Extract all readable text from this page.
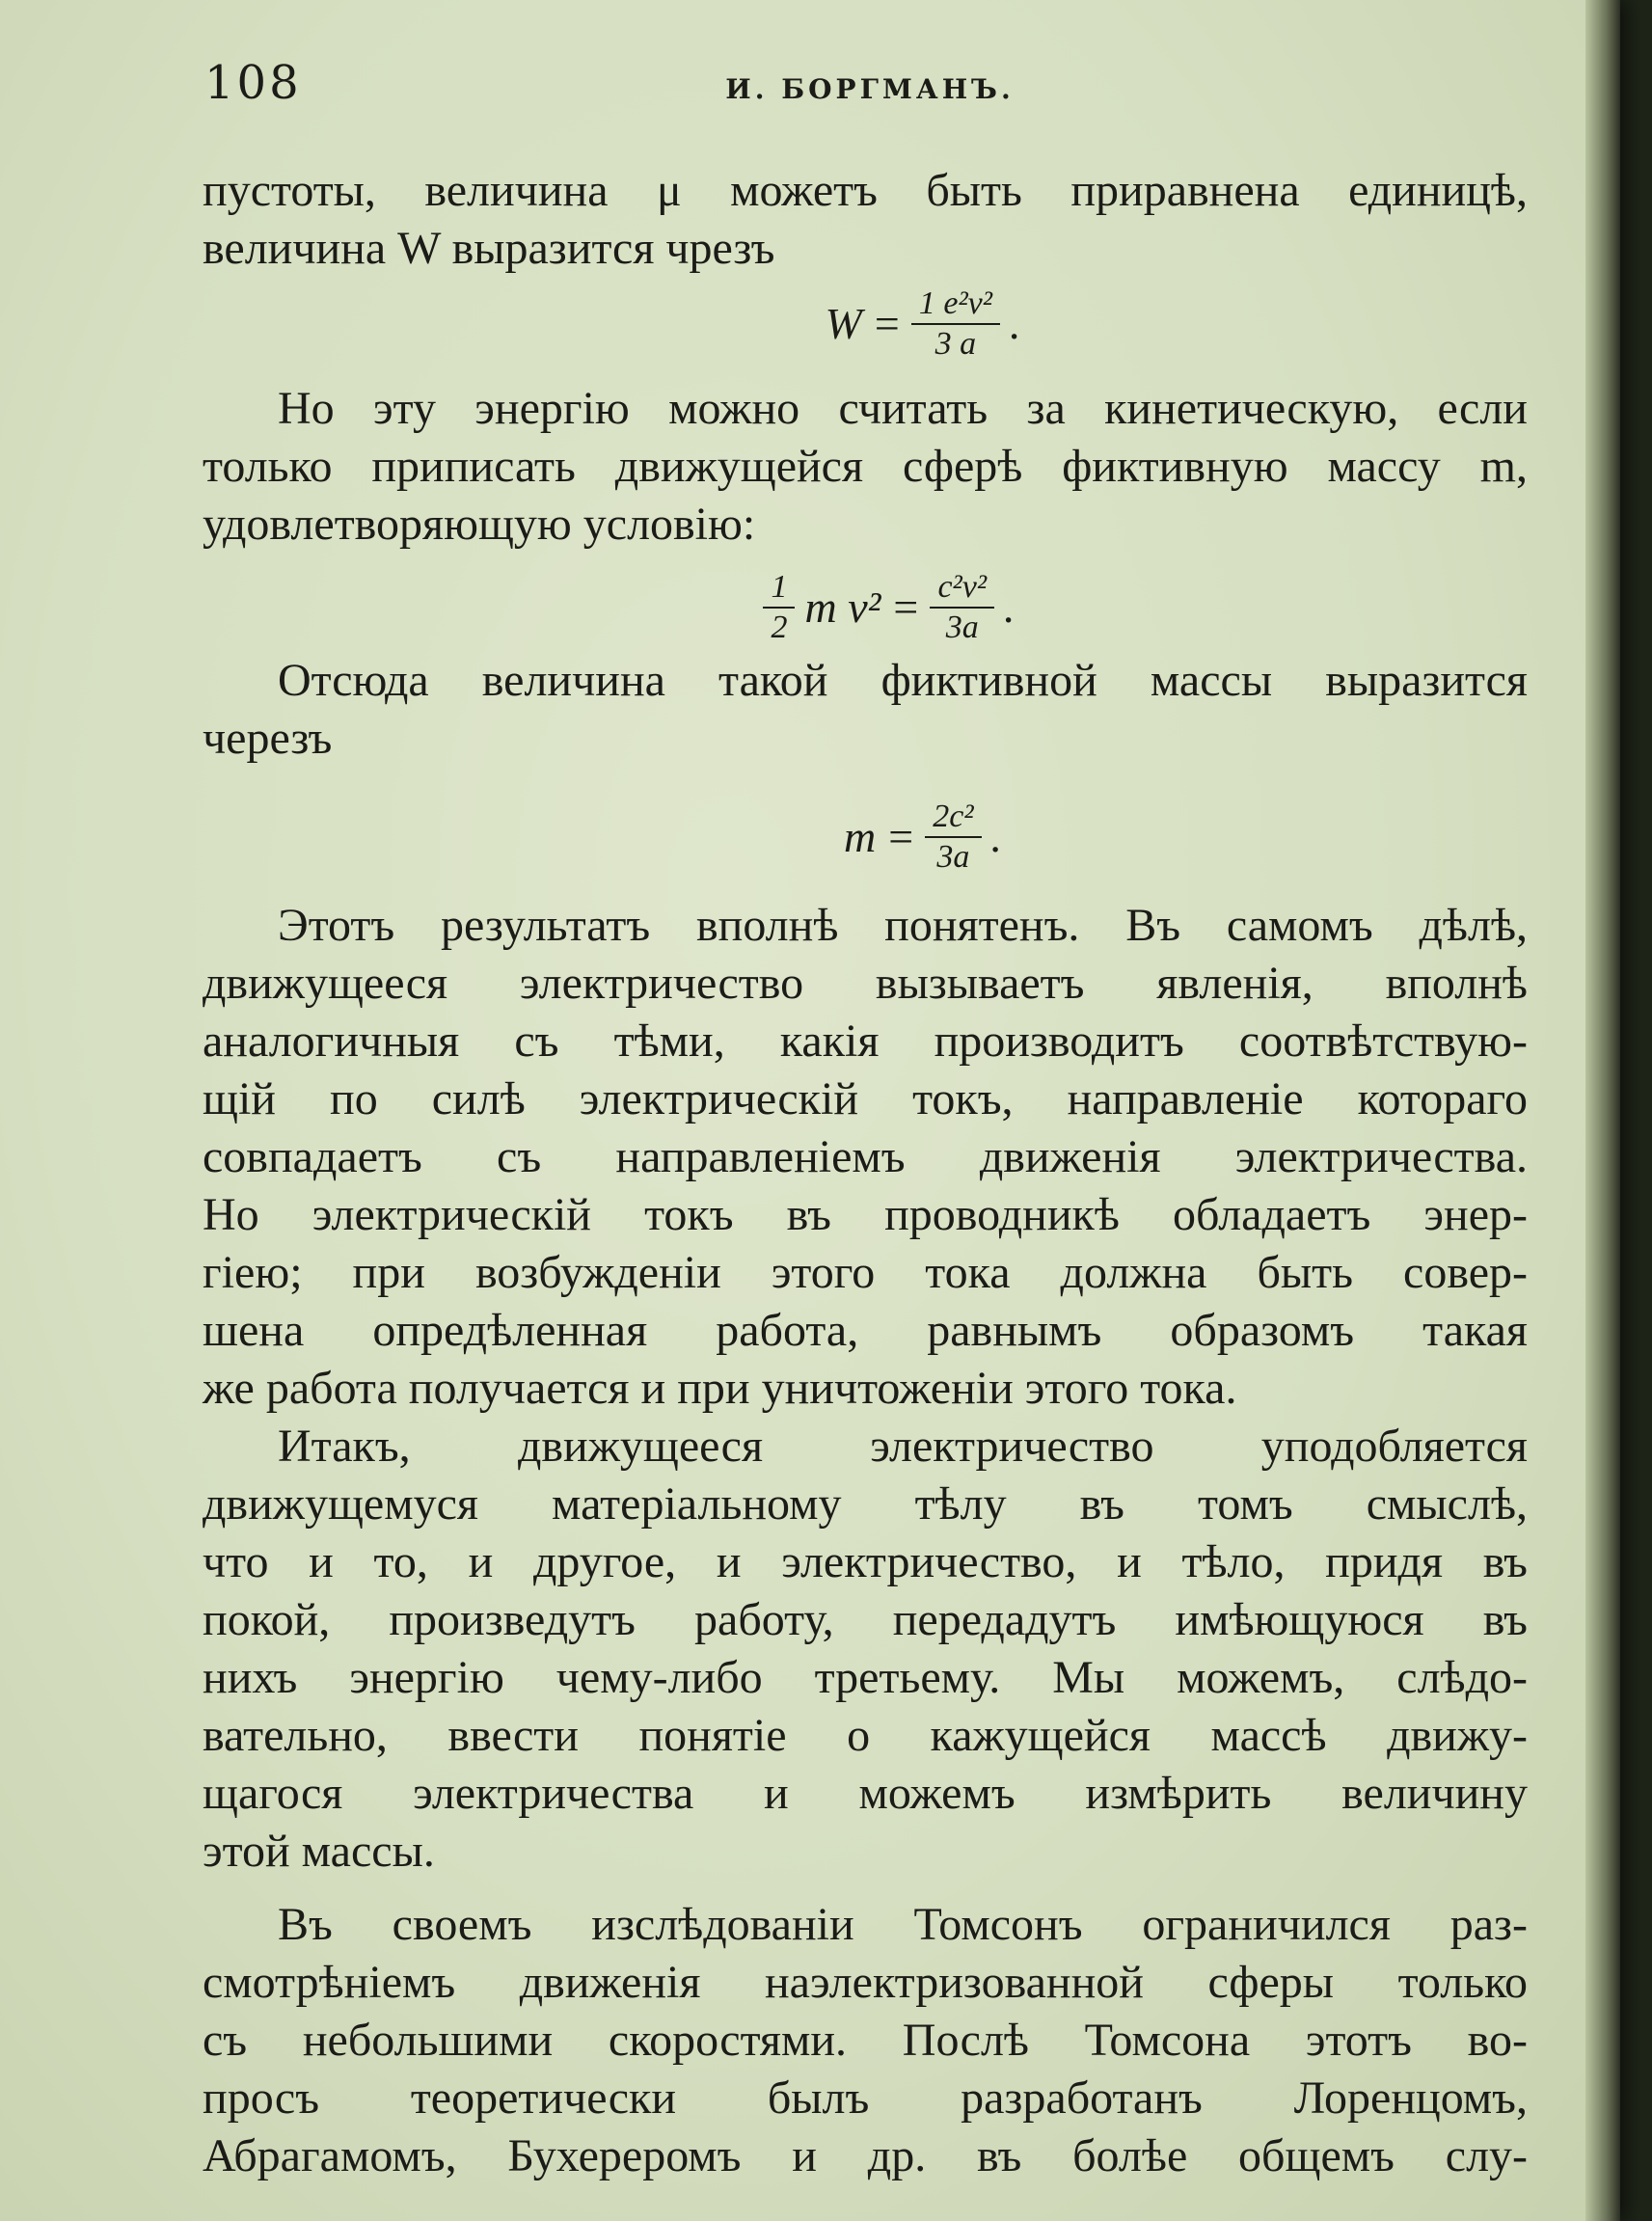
108	И. БОРГМАНЪ.
пустоты, величина μ можетъ быть приравнена единицѣ,
величина W выразится чрезъ
$W = \frac{\text{1 e²v²}}{3 a}$ .
Но эту энергію можно считать за кинетическую, если
только приписать движущейся сферѣ фиктивную массу m,
удовлетворяющую условію:
$\frac{1}{2}$ m $v^2 = \frac{\text{c²v²}}{3a}$ .
Отсюда величина такой фиктивной массы выразится
черезъ
$m = \frac{\text{2c²}}{3a}$ .
Этотъ результатъ вполнѣ понятенъ. Въ самомъ дѣлѣ,
движущееся электричество вызываетъ явленія, вполнѣ
аналогичныя съ тѣми, какія производитъ соотвѣтствую-
щій по силѣ электрическій токъ, направленіе котораго
совпадаетъ съ направленіемъ движенія электричества.
Но электрическій токъ въ проводникѣ обладаетъ энер-
гіею; при возбужденіи этого тока должна быть совер-
шена опредѣленная работа, равнымъ образомъ такая
же работа получается и при уничтоженіи этого тока.
Итакъ, движущееся электричество уподобляется
движущемуся матеріальному тѣлу въ томъ смыслѣ,
что и то, и другое, и электричество, и тѣло, придя въ
покой, произведутъ работу, передадутъ имѣющуюся въ
нихъ энергію чему-либо третьему. Мы можемъ, слѣдо-
вательно, ввести понятіе о кажущейся массѣ движу-
щагося электричества и можемъ измѣрить величину
этой массы.
Въ своемъ изслѣдованіи Томсонъ ограничился раз-
смотрѣніемъ движенія наэлектризованной сферы только
съ небольшими скоростями. Послѣ Томсона этотъ во-
просъ теоретически былъ разработанъ Лоренцомъ,
Абрагамомъ, Бухереромъ и др. въ болѣе общемъ слу-
